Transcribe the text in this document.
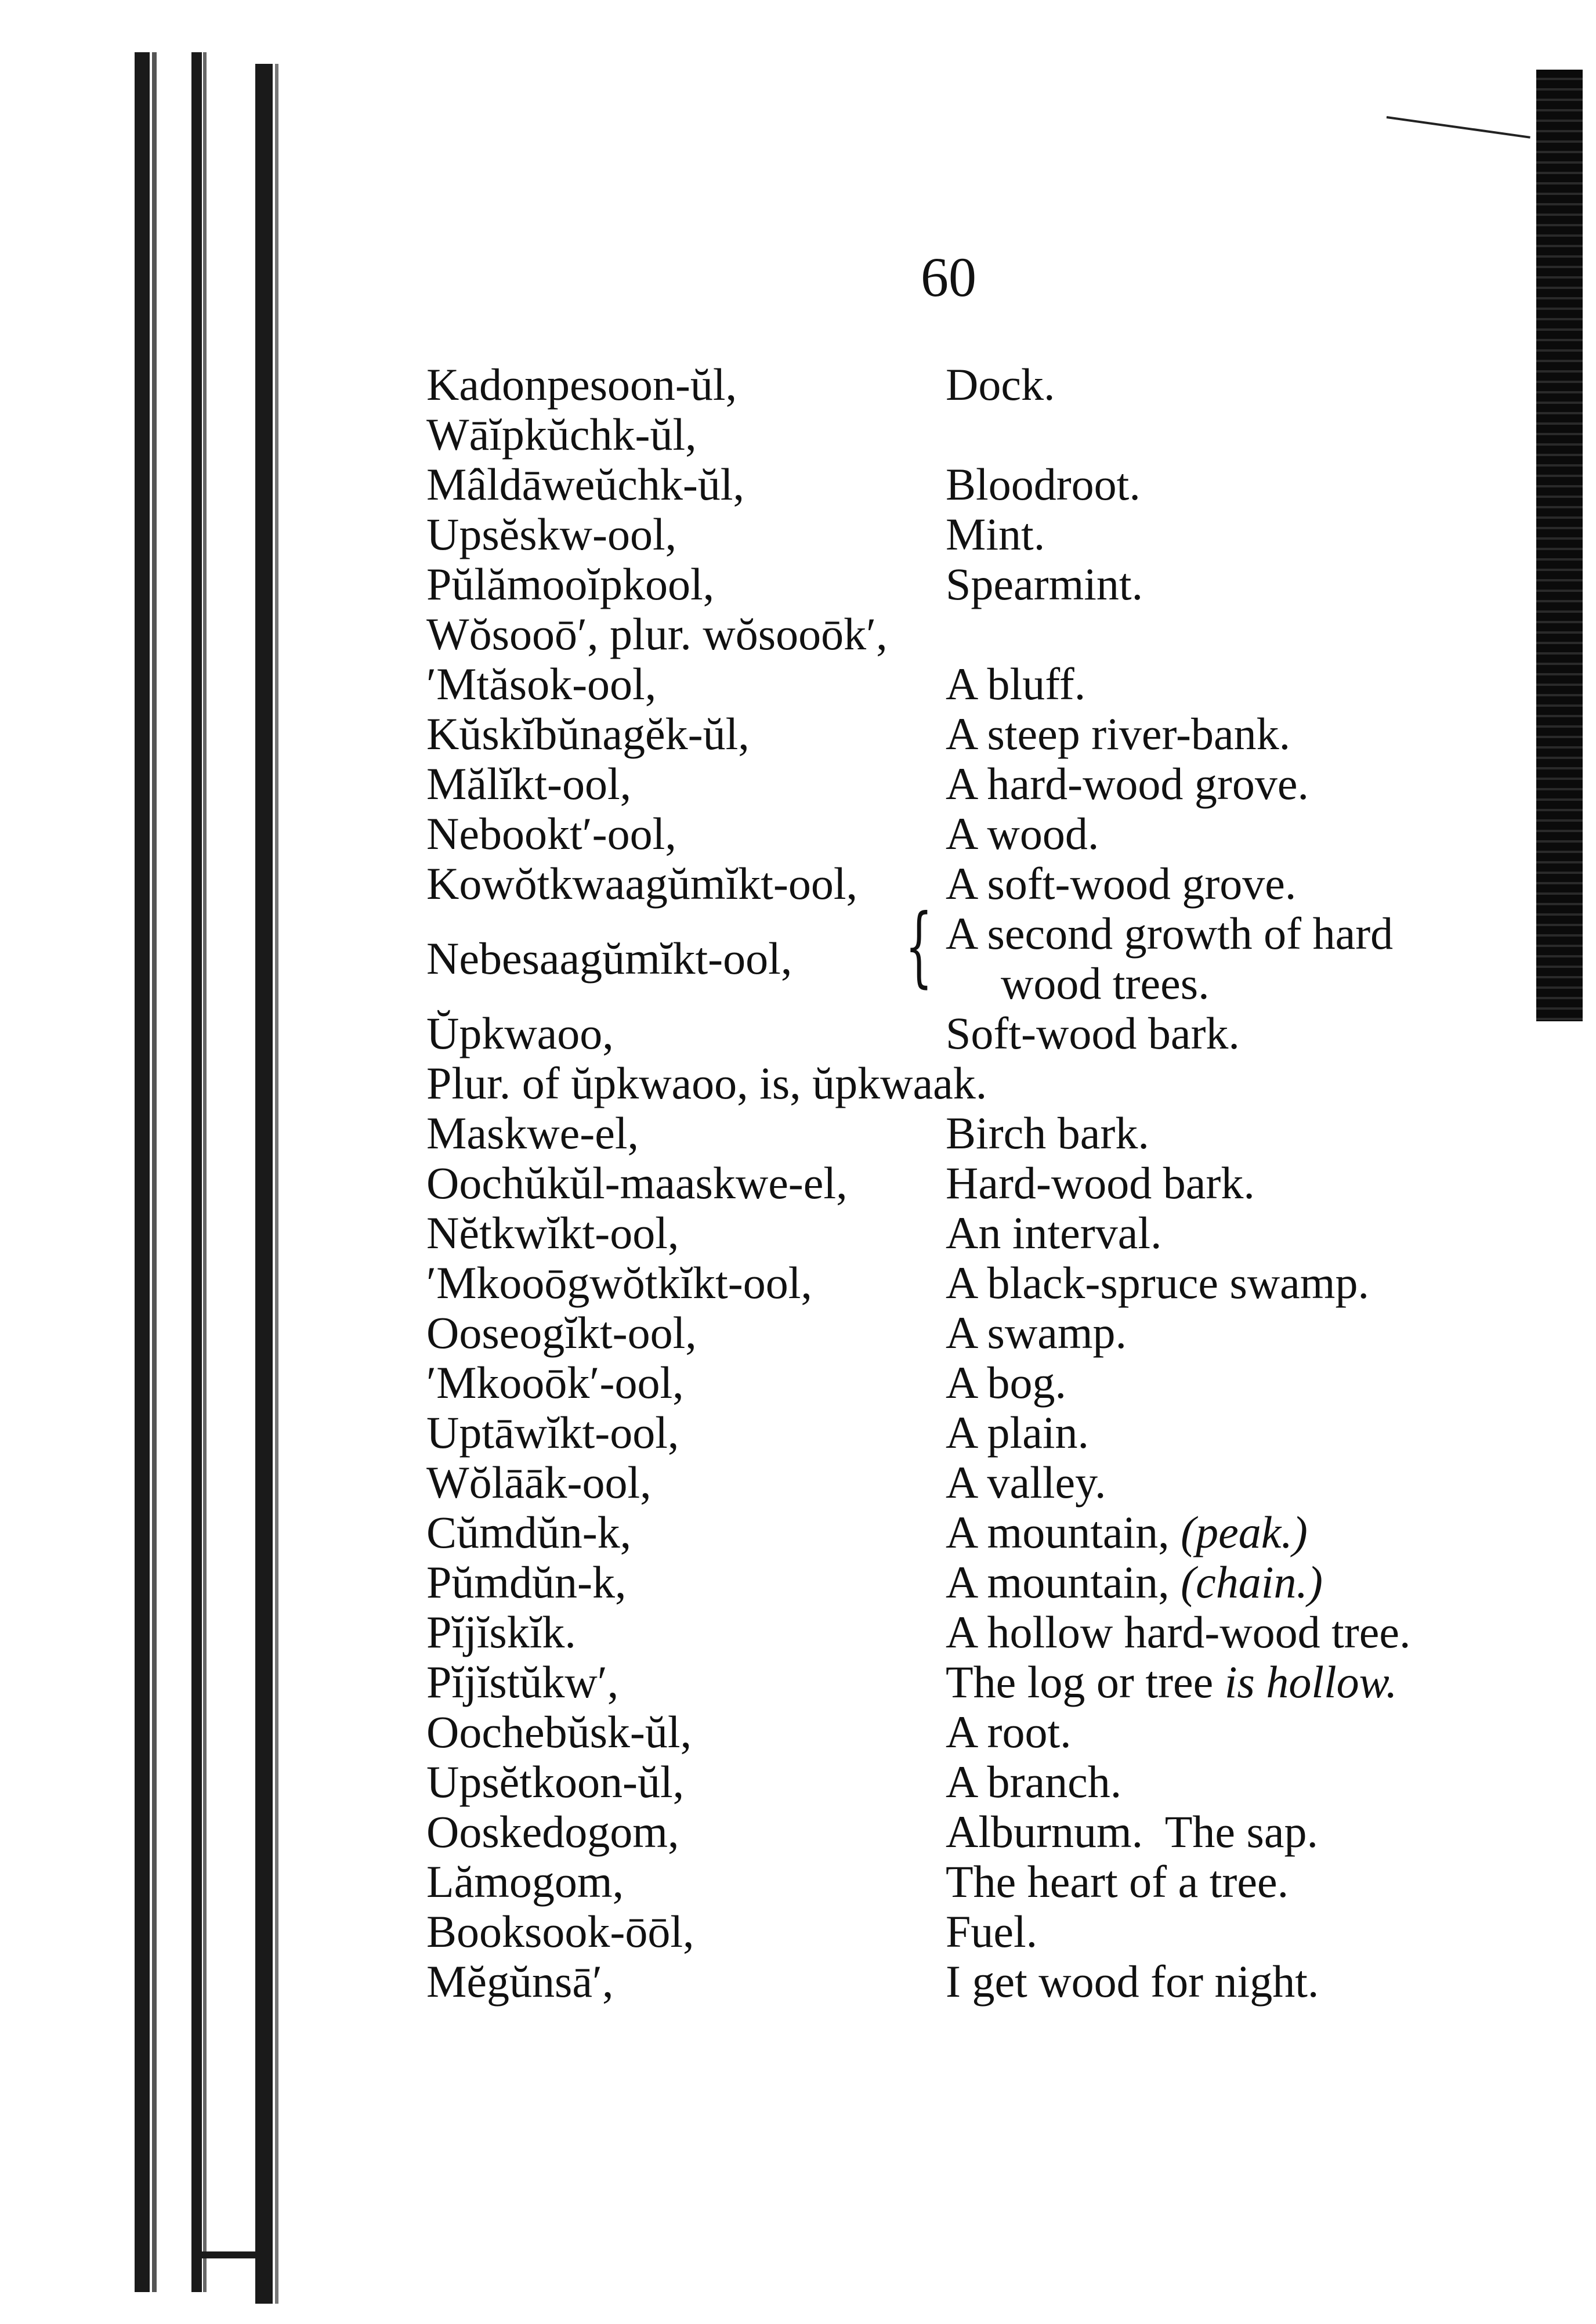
60
Kadonpesoon-ŭl,	Dock.
Wāĭpkŭchk-ŭl,
Mâldāweŭchk-ŭl,	Bloodroot.
Upsĕskw-ool,	Mint.
Pŭlămooĭpkool,	Spearmint.
Wŏsooō′, plur. wŏsooōk′,
′Mtăsok-ool,	A bluff.
Kŭskĭbŭnagĕk-ŭl,	A steep river-bank.
Mălĭkt-ool,	A hard-wood grove.
Nebookt′-ool,	A wood.
Kowŏtkwaagŭmĭkt-ool, A soft-wood grove.
Nebesaagŭmĭkt-ool, { A second growth of hard
wood trees.
Ŭpkwaoo,	Soft-wood bark.
Plur. of ŭpkwaoo, is, ŭpkwaak.
Maskwe-el,	Birch bark.
Oochŭkŭl-maaskwe-el, Hard-wood bark.
Nĕtkwĭkt-ool,	An interval.
′Mkooōgwŏtkĭkt-ool,	A black-spruce swamp.
Ooseogĭkt-ool,	A swamp.
′Mkooōk′-ool,	A bog.
Uptāwĭkt-ool,	A plain.
Wŏlāāk-ool,	A valley.
Cŭmdŭn-k,	A mountain, (peak.)
Pŭmdŭn-k,	A mountain, (chain.)
Pĭjĭskĭk.	A hollow hard-wood tree.
Pĭjĭstŭkw′,	The log or tree is hollow.
Oochebŭsk-ŭl,	A root.
Upsĕtkoon-ŭl,	A branch.
Ooskedogom,	Alburnum.  The sap.
Lămogom,	The heart of a tree.
Booksook-ōōl,	Fuel.
Mĕgŭnsā′,	I get wood for night.
